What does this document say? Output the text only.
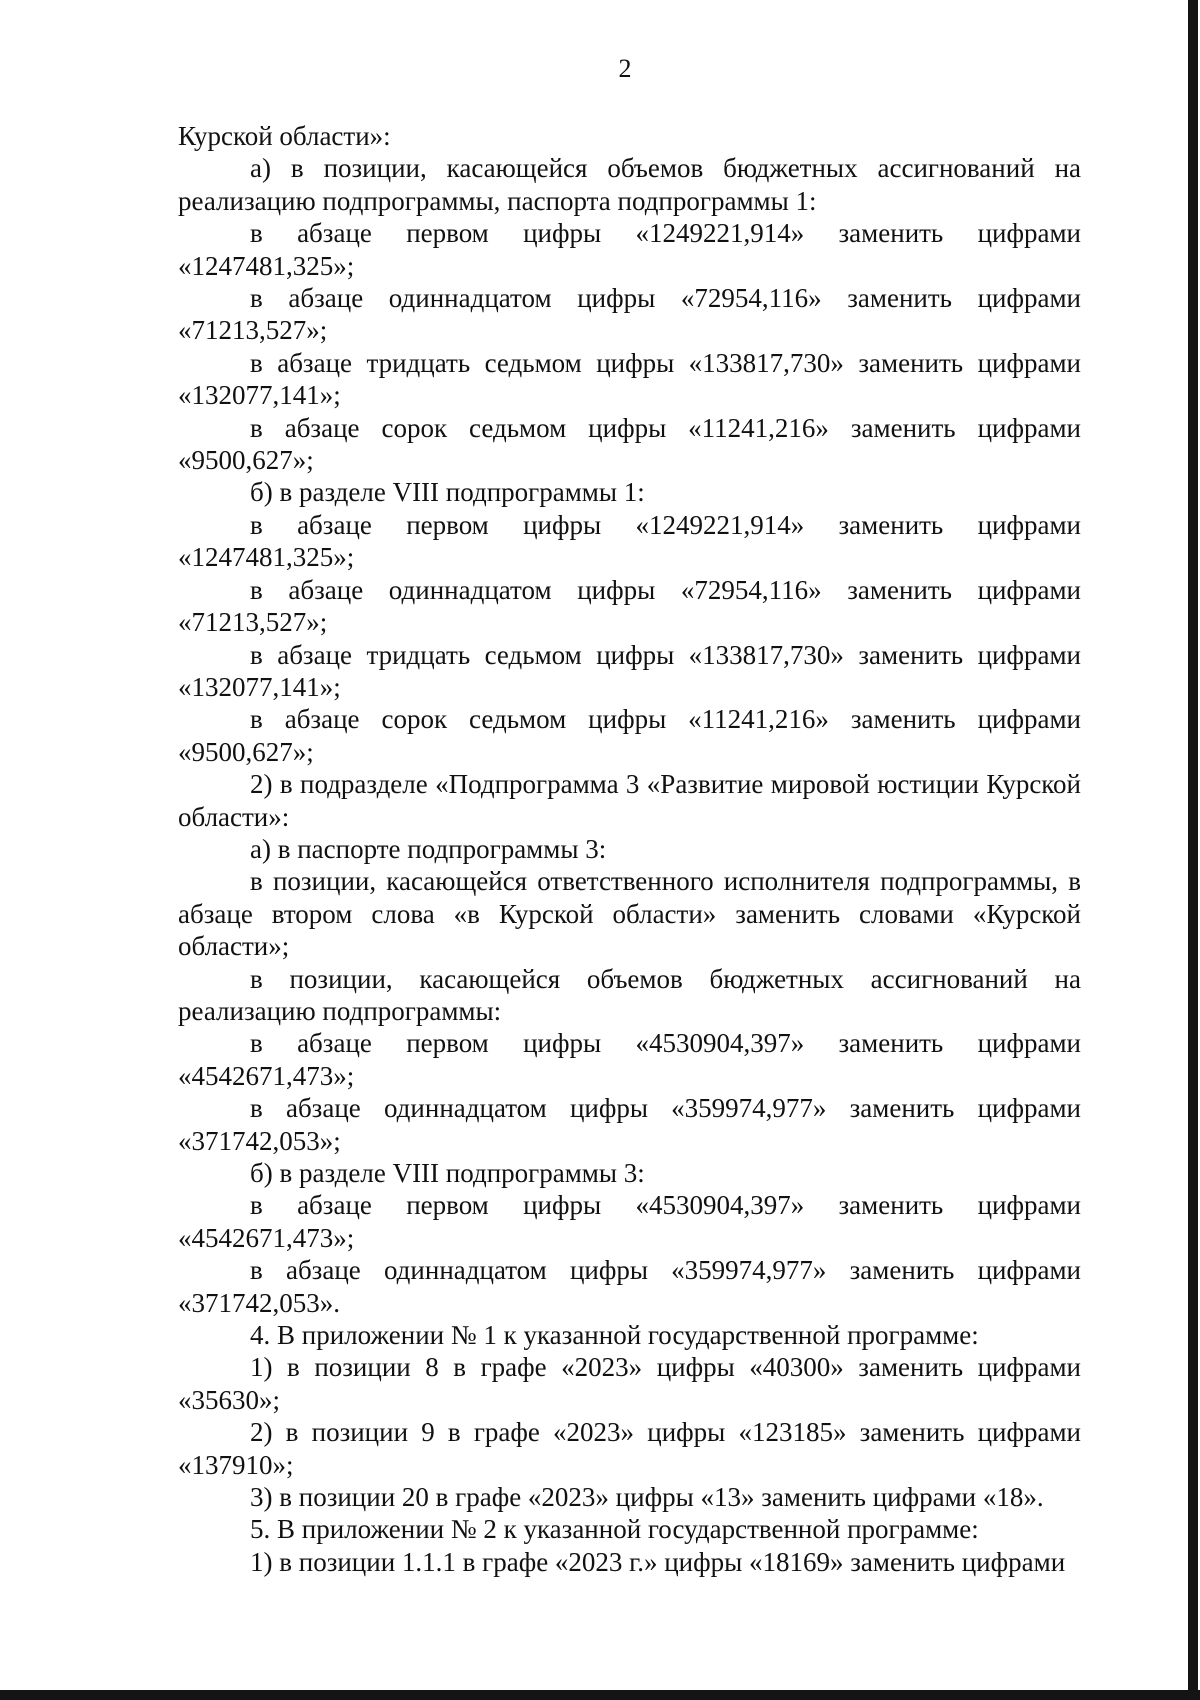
2

Курской области»:

а) в позиции, касающейся объемов бюджетных ассигнований на реализацию подпрограммы, паспорта подпрограммы 1:

в абзаце первом цифры «1249221,914» заменить цифрами «1247481,325»;

в абзаце одиннадцатом цифры «72954,116» заменить цифрами «71213,527»;

в абзаце тридцать седьмом цифры «133817,730» заменить цифрами «132077,141»;

в абзаце сорок седьмом цифры «11241,216» заменить цифрами «9500,627»;

б) в разделе VIII подпрограммы 1:

в абзаце первом цифры «1249221,914» заменить цифрами «1247481,325»;

в абзаце одиннадцатом цифры «72954,116» заменить цифрами «71213,527»;

в абзаце тридцать седьмом цифры «133817,730» заменить цифрами «132077,141»;

в абзаце сорок седьмом цифры «11241,216» заменить цифрами «9500,627»;

2) в подразделе «Подпрограмма 3 «Развитие мировой юстиции Курской области»:

а) в паспорте подпрограммы 3:

в позиции, касающейся ответственного исполнителя подпрограммы, в абзаце втором слова «в Курской области» заменить словами «Курской области»;

в позиции, касающейся объемов бюджетных ассигнований на реализацию подпрограммы:

в абзаце первом цифры «4530904,397» заменить цифрами «4542671,473»;

в абзаце одиннадцатом цифры «359974,977» заменить цифрами «371742,053»;

б) в разделе VIII подпрограммы 3:

в абзаце первом цифры «4530904,397» заменить цифрами «4542671,473»;

в абзаце одиннадцатом цифры «359974,977» заменить цифрами «371742,053».

4. В приложении № 1 к указанной государственной программе:

1) в позиции 8 в графе «2023» цифры «40300» заменить цифрами «35630»;

2) в позиции 9 в графе «2023» цифры «123185» заменить цифрами «137910»;

3) в позиции 20 в графе «2023» цифры «13» заменить цифрами «18».

5. В приложении № 2 к указанной государственной программе:

1) в позиции 1.1.1 в графе «2023 г.» цифры «18169» заменить цифрами
